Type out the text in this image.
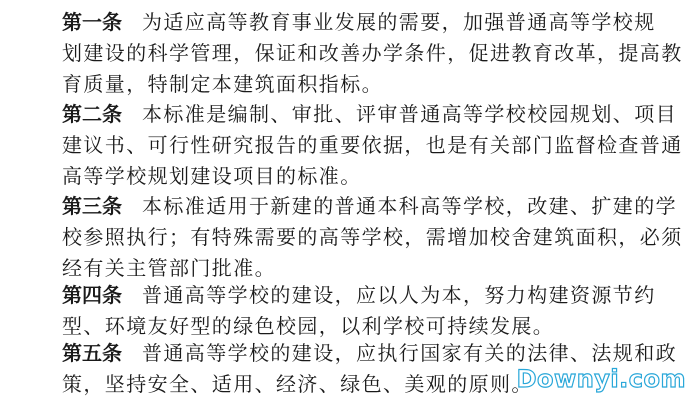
第一条 为适应高等教育事业发展的需要，加强普通高等学校规
划建设的科学管理，保证和改善办学条件，促进教育改革，提高教
育质量，特制定本建筑面积指标。
第二条 本标准是编制、审批、评审普通高等学校校园规划、项目
建议书、可行性研究报告的重要依据，也是有关部门监督检查普通
高等学校规划建设项目的标准。
第三条 本标准适用于新建的普通本科高等学校，改建、扩建的学
校参照执行；有特殊需要的高等学校，需增加校舍建筑面积，必须
经有关主管部门批准。
第四条 普通高等学校的建设，应以人为本，努力构建资源节约
型、环境友好型的绿色校园，以利学校可持续发展。
第五条 普通高等学校的建设，应执行国家有关的法律、法规和政
策，坚持安全、适用、经济、绿色、美观的原则。
Downyi.com
